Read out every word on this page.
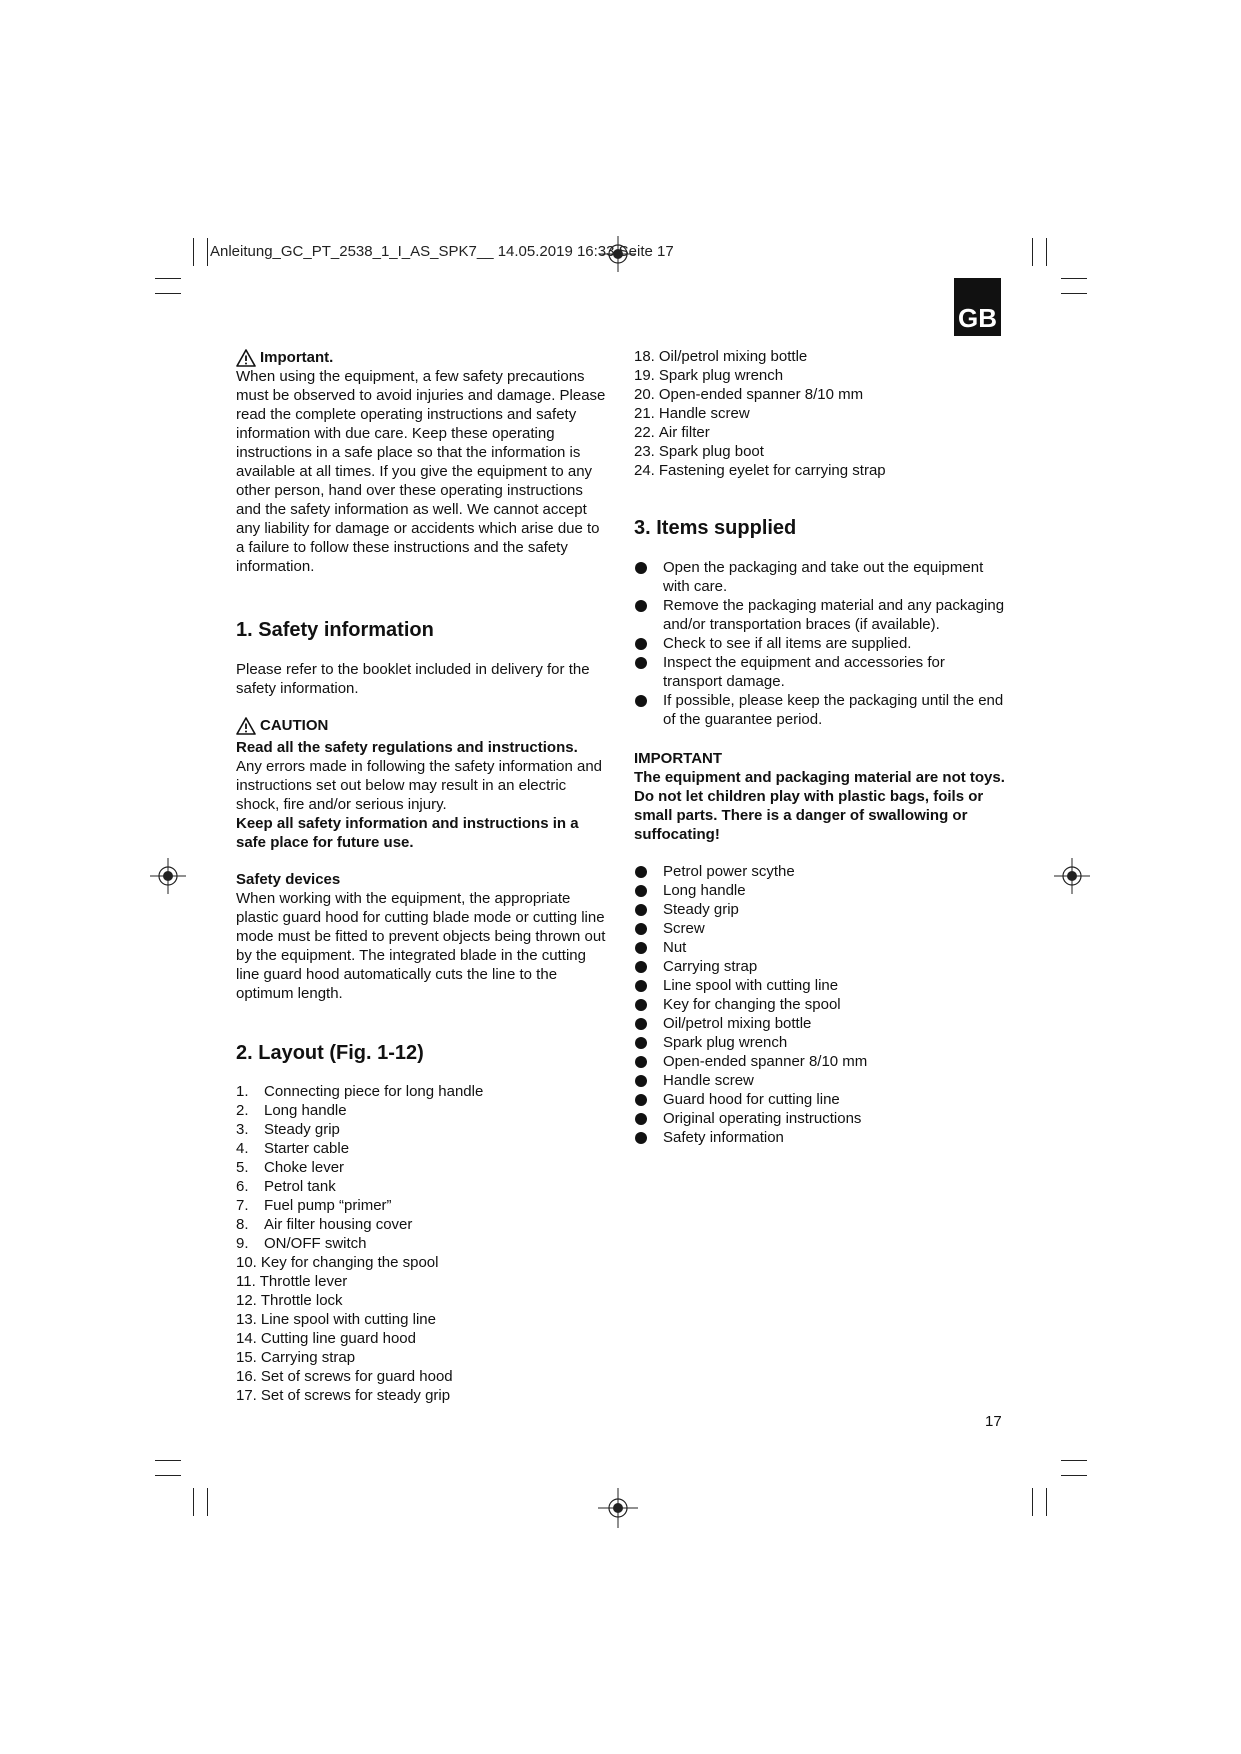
Anleitung_GC_PT_2538_1_I_AS_SPK7__ 14.05.2019 16:33 Seite 17
GB
Important.

When using the equipment, a few safety precautions must be observed to avoid injuries and damage. Please read the complete operating instructions and safety information with due care. Keep these operating instructions in a safe place so that the information is available at all times. If you give the equipment to any other person, hand over these operating instructions and the safety information as well. We cannot accept any liability for damage or accidents which arise due to a failure to follow these instructions and the safety information.

1. Safety information

Please refer to the booklet included in delivery for the safety information.

CAUTION

Read all the safety regulations and instructions.

Any errors made in following the safety information and instructions set out below may result in an electric shock, fire and/or serious injury.

Keep all safety information and instructions in a safe place for future use.

Safety devices

When working with the equipment, the appropriate plastic guard hood for cutting blade mode or cutting line mode must be fitted to prevent objects being thrown out by the equipment. The integrated blade in the cutting line guard hood automatically cuts the line to the optimum length.

2. Layout (Fig. 1-12)
1.	Connecting piece for long handle
2.	Long handle
3.	Steady grip
4.	Starter cable
5.	Choke lever
6.	Petrol tank
7.	Fuel pump “primer”
8.	Air filter housing cover
9.	ON/OFF switch
10. Key for changing the spool
11. Throttle lever
12. Throttle lock
13. Line spool with cutting line
14. Cutting line guard hood
15. Carrying strap
16. Set of screws for guard hood
17. Set of screws for steady grip
18. Oil/petrol mixing bottle
19. Spark plug wrench
20. Open-ended spanner 8/10 mm
21. Handle screw
22. Air filter
23. Spark plug boot
24. Fastening eyelet for carrying strap
3. Items supplied
Open the packaging and take out the equipment with care.
Remove the packaging material and any packaging and/or transportation braces (if available).
Check to see if all items are supplied.
Inspect the equipment and accessories for transport damage.
If possible, please keep the packaging until the end of the guarantee period.

IMPORTANT

The equipment and packaging material are not toys. Do not let children play with plastic bags, foils or small parts. There is a danger of swallowing or suffocating!

Petrol power scythe
Long handle
Steady grip
Screw
Nut
Carrying strap
Line spool with cutting line
Key for changing the spool
Oil/petrol mixing bottle
Spark plug wrench
Open-ended spanner 8/10 mm
Handle screw
Guard hood for cutting line
Original operating instructions
Safety information
17
